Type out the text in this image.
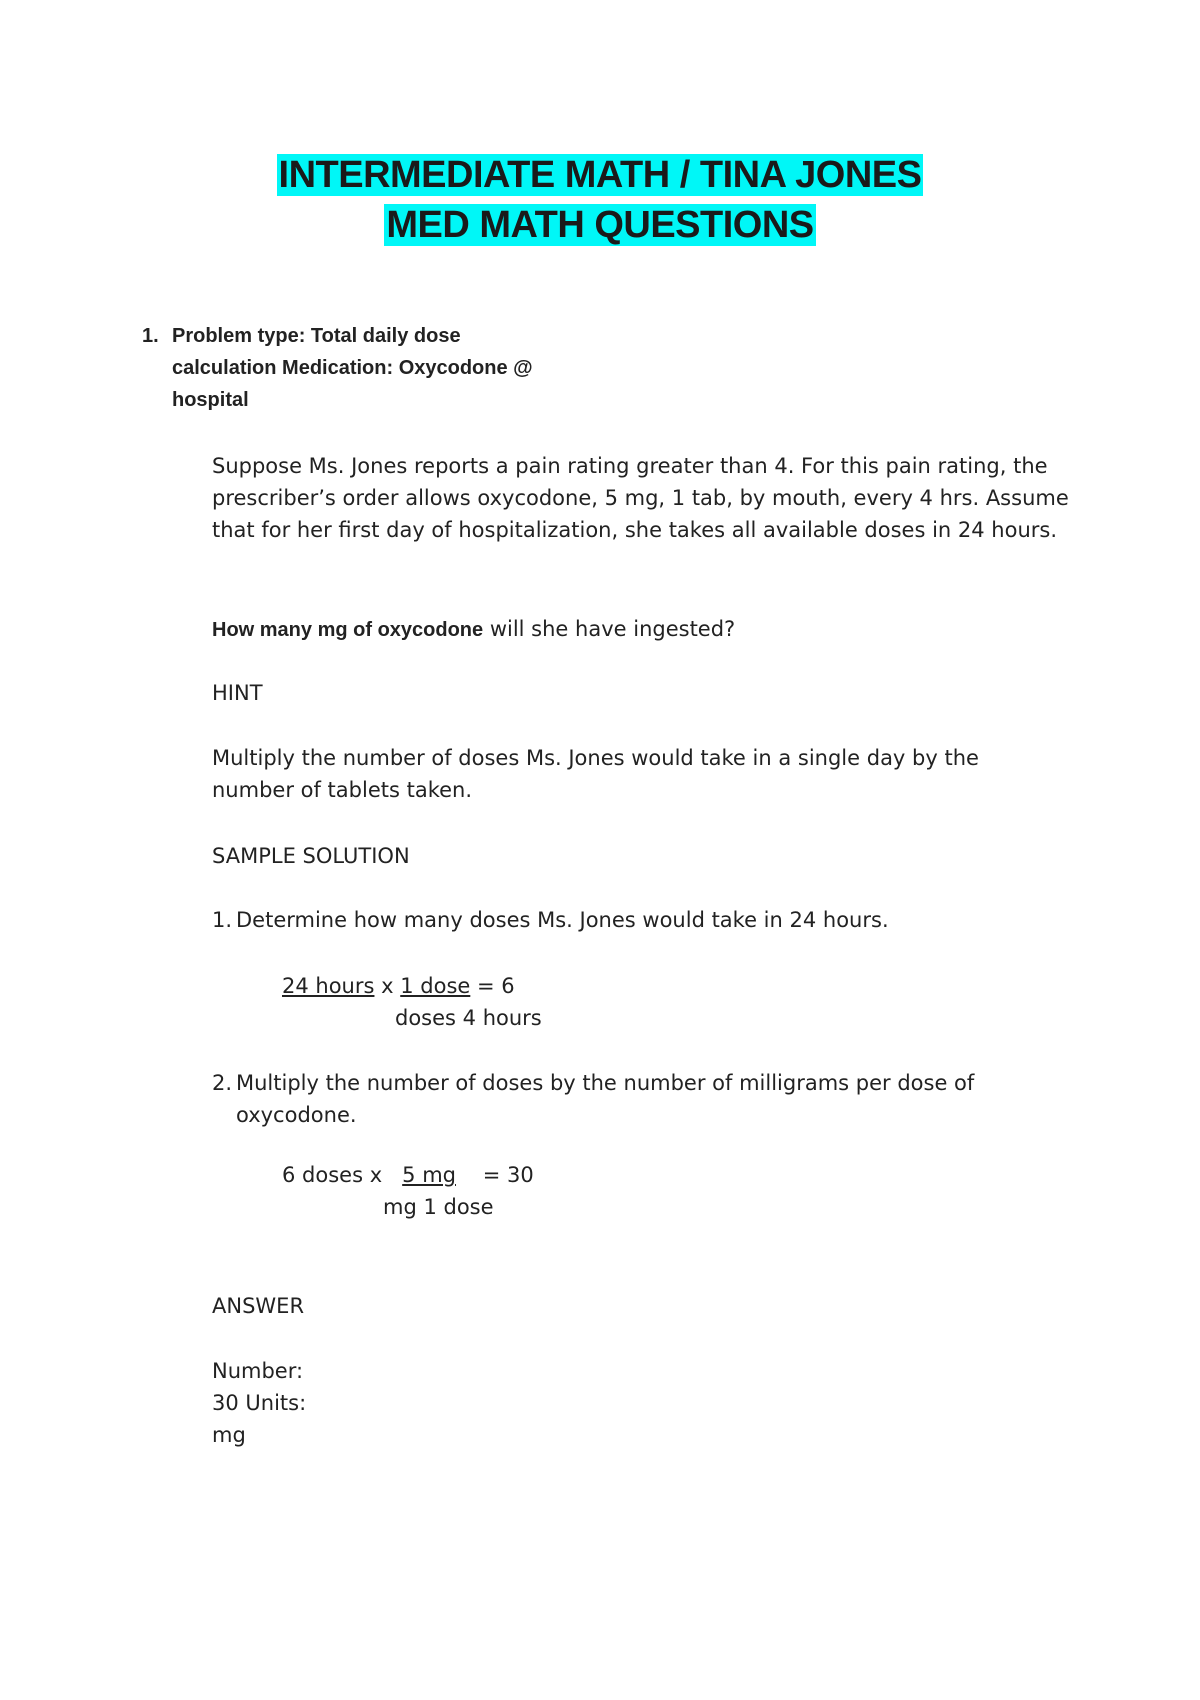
INTERMEDIATE MATH / TINA JONES
MED MATH QUESTIONS
1. Problem type: Total daily dose
calculation Medication: Oxycodone @
hospital
Suppose Ms. Jones reports a pain rating greater than 4. For this pain rating, the prescriber’s order allows oxycodone, 5 mg, 1 tab, by mouth, every 4 hrs. Assume that for her first day of hospitalization, she takes all available doses in 24 hours.
How many mg of oxycodone will she have ingested?
HINT
Multiply the number of doses Ms. Jones would take in a single day by the number of tablets taken.
SAMPLE SOLUTION
1. Determine how many doses Ms. Jones would take in 24 hours.
24 hours x 1 dose = 6
doses 4 hours
2. Multiply the number of doses by the number of milligrams per dose of
oxycodone.
6 doses x 5 mg = 30
mg 1 dose
ANSWER
Number:
30 Units:
mg
